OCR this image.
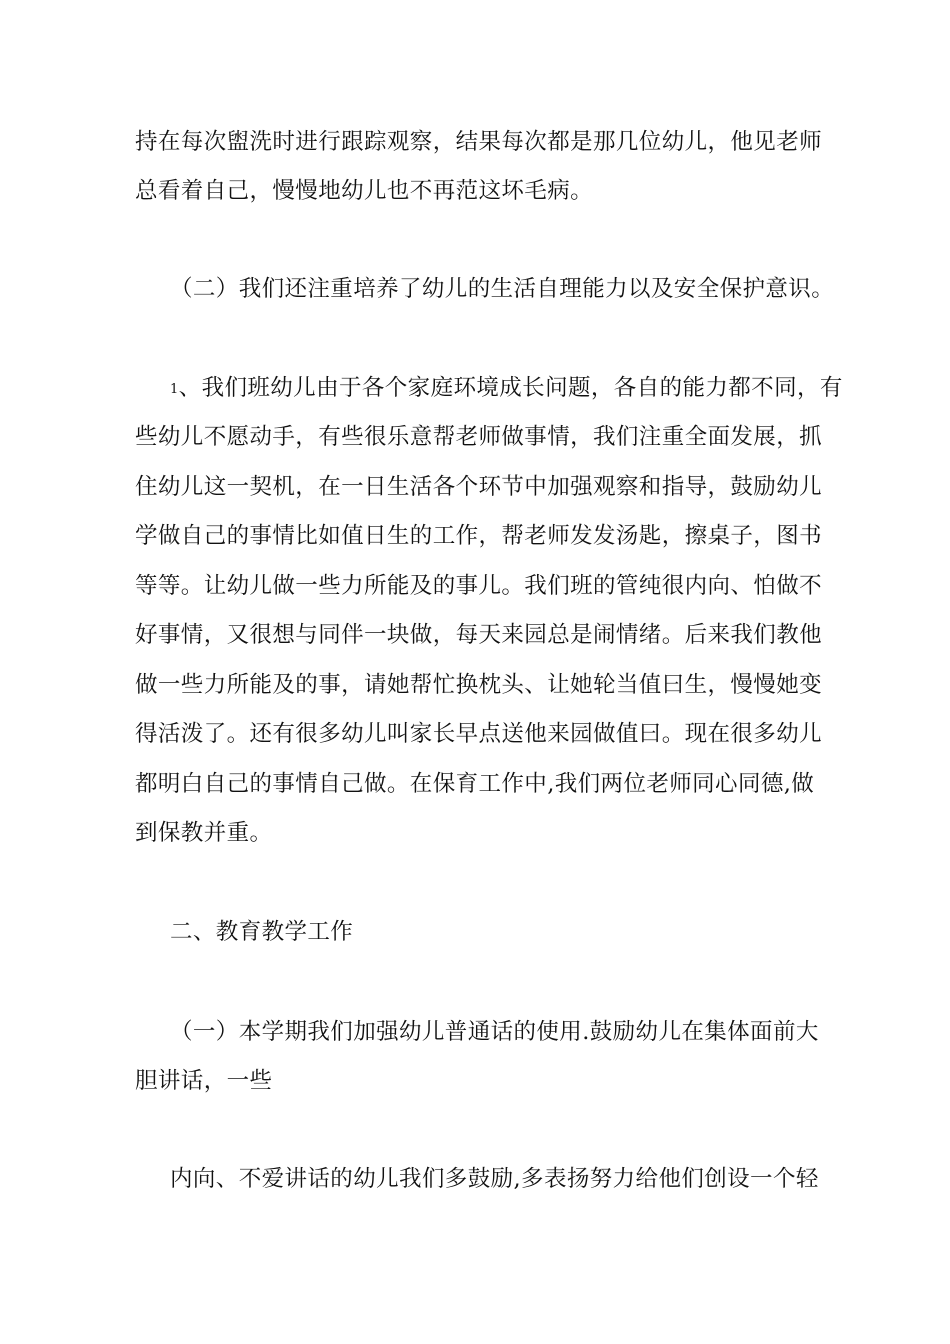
持在每次盥洗时进行跟踪观察，结果每次都是那几位幼儿，他见老师
总看着自己，慢慢地幼儿也不再范这坏毛病。
（二）我们还注重培养了幼儿的生活自理能力以及安全保护意识。
1、我们班幼儿由于各个家庭环境成长问题，各自的能力都不同，有
些幼儿不愿动手，有些很乐意帮老师做事情，我们注重全面发展，抓
住幼儿这一契机，在一日生活各个环节中加强观察和指导，鼓励幼儿
学做自己的事情比如值日生的工作，帮老师发发汤匙，擦桌子，图书
等等。让幼儿做一些力所能及的事儿。我们班的管纯很内向、怕做不
好事情，又很想与同伴一块做，每天来园总是闹情绪。后来我们教他
做一些力所能及的事，请她帮忙换枕头、让她轮当值曰生，慢慢她变
得活泼了。还有很多幼儿叫家长早点送他来园做值曰。现在很多幼儿
都明白自己的事情自己做。在保育工作中,我们两位老师同心同德,做
到保教并重。
二、教育教学工作
（一）本学期我们加强幼儿普通话的使用.鼓励幼儿在集体面前大
胆讲话，一些
内向、不爱讲话的幼儿我们多鼓励,多表扬努力给他们创设一个轻
